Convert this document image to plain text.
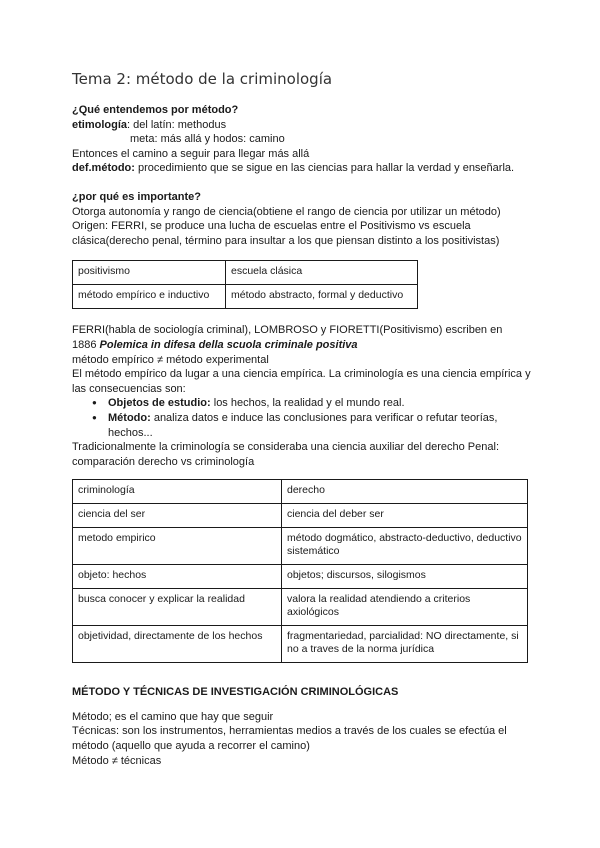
Tema 2: método de la criminología

¿Qué entendemos por método?

etimología: del latín: methodus

meta: más allá y hodos: camino

Entonces el camino a seguir para llegar más allá

def.método: procedimiento que se sigue en las ciencias para hallar la verdad y enseñarla.

¿por qué es importante?

Otorga autonomía y rango de ciencia(obtiene el rango de ciencia por utilizar un método)

Origen: FERRI, se produce una lucha de escuelas entre el Positivismo vs escuela clásica(derecho penal, término para insultar a los que piensan distinto a los positivistas)

positivismo	escuela clásica
método empírico e inductivo	método abstracto, formal y deductivo

FERRI(habla de sociología criminal), LOMBROSO y FIORETTI(Positivismo) escriben en

1886 Polemica in difesa della scuola criminale positiva

método empírico ≠ método experimental

El método empírico da lugar a una ciencia empírica. La criminología es una ciencia empírica y las consecuencias son:

● Objetos de estudio: los hechos, la realidad y el mundo real.
● Método: analiza datos e induce las conclusiones para verificar o refutar teorías, hechos...

Tradicionalmente la criminología se consideraba una ciencia auxiliar del derecho Penal: comparación derecho vs criminología

criminología	derecho
ciencia del ser	ciencia del deber ser
metodo empirico	método dogmático, abstracto-deductivo, deductivo sistemático
objeto: hechos	objetos; discursos, silogismos
busca conocer y explicar la realidad	valora la realidad atendiendo a criterios axiológicos
objetividad, directamente de los hechos	fragmentariedad, parcialidad: NO directamente, si no a traves de la norma jurídica

MÉTODO Y TÉCNICAS DE INVESTIGACIÓN CRIMINOLÓGICAS

Método; es el camino que hay que seguir

Técnicas: son los instrumentos, herramientas medios a través de los cuales se efectúa el método (aquello que ayuda a recorrer el camino)

Método ≠ técnicas
